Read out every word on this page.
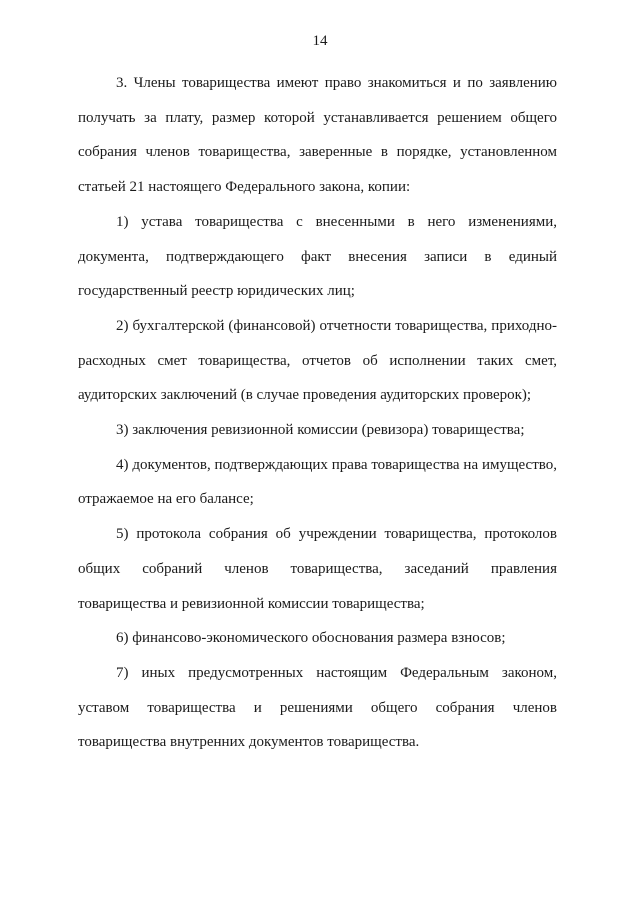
14

3. Члены товарищества имеют право знакомиться и по заявлению получать за плату, размер которой устанавливается решением общего собрания членов товарищества, заверенные в порядке, установленном статьей 21 настоящего Федерального закона, копии:

1) устава товарищества с внесенными в него изменениями, документа, подтверждающего факт внесения записи в единый государственный реестр юридических лиц;

2) бухгалтерской (финансовой) отчетности товарищества, приходно-расходных смет товарищества, отчетов об исполнении таких смет, аудиторских заключений (в случае проведения аудиторских проверок);

3) заключения ревизионной комиссии (ревизора) товарищества;

4) документов, подтверждающих права товарищества на имущество, отражаемое на его балансе;

5) протокола собрания об учреждении товарищества, протоколов общих собраний членов товарищества, заседаний правления товарищества и ревизионной комиссии товарищества;

6) финансово-экономического обоснования размера взносов;

7) иных предусмотренных настоящим Федеральным законом, уставом товарищества и решениями общего собрания членов товарищества внутренних документов товарищества.
